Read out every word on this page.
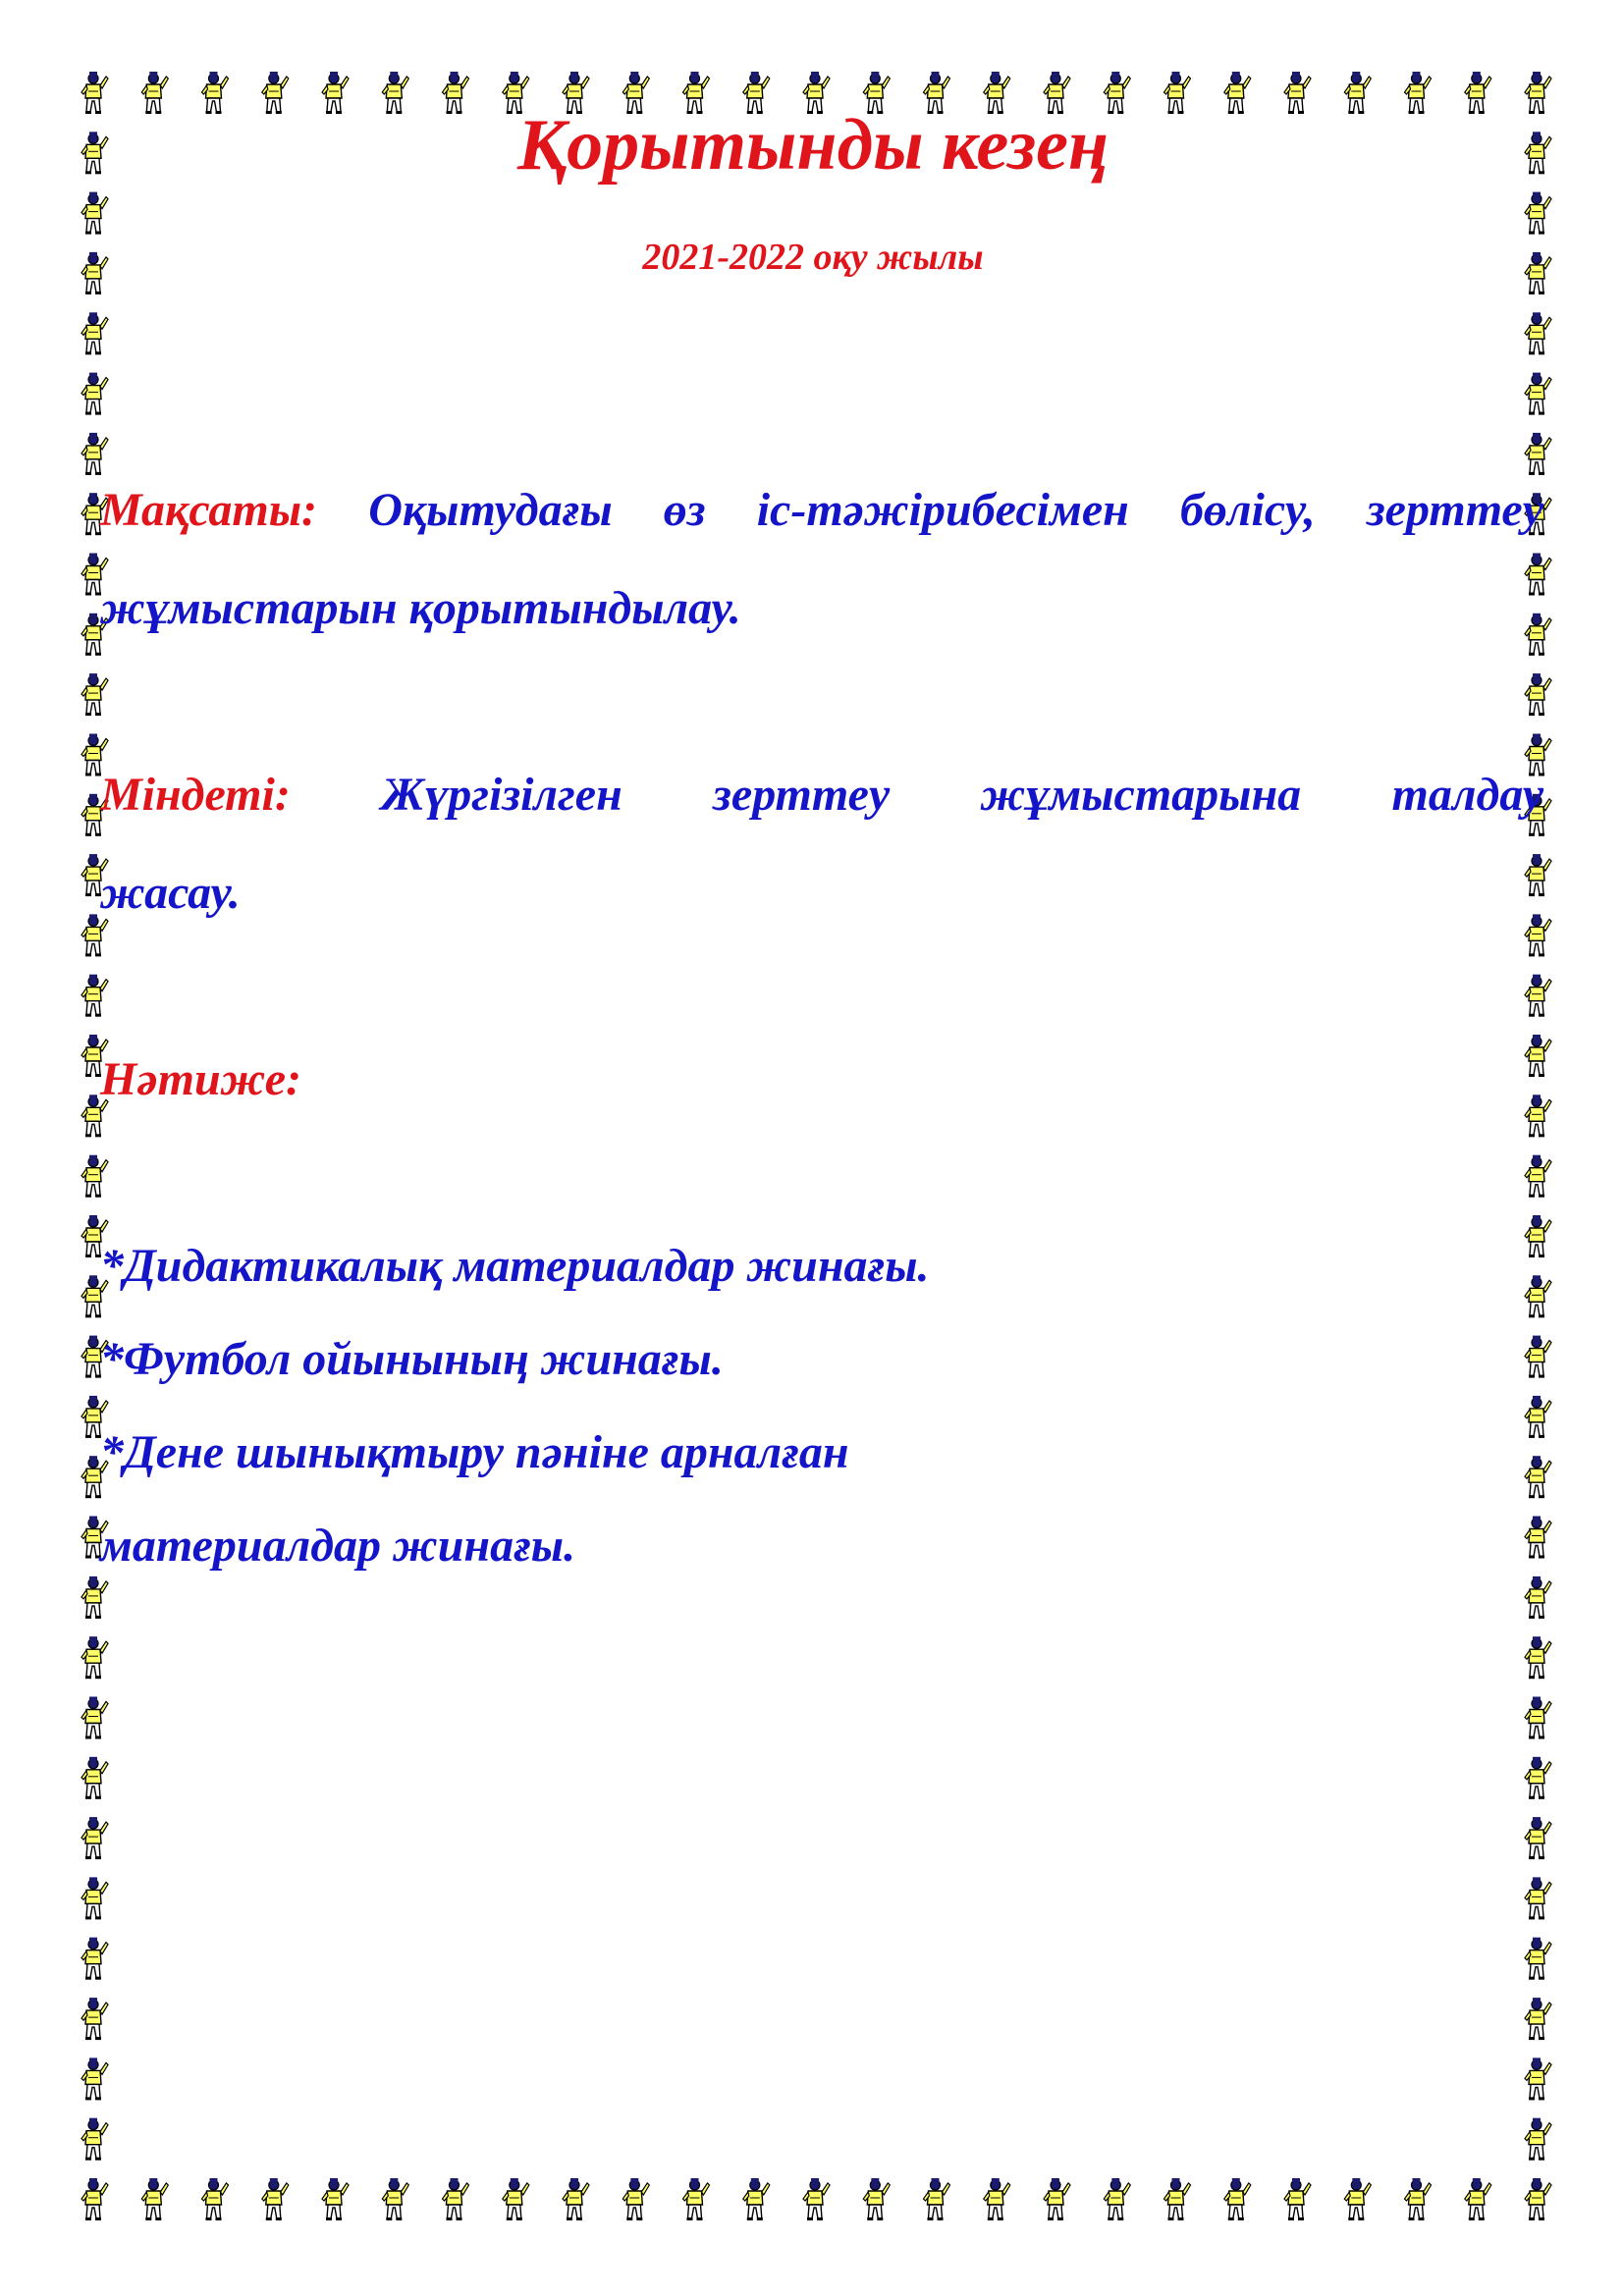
Қорытынды кезең
2021-2022 оқу жылы
Мақсаты: Оқытудағы өз іс-тәжірибесімен бөлісу, зерттеу
жұмыстарын қорытындылау.
Міндеті: Жүргізілген зерттеу жұмыстарына талдау
жасау.
Нәтиже:
*Дидактикалық материалдар жинағы.
*Футбол ойынының жинағы.
*Дене шынықтыру пәніне арналған
материалдар жинағы.
